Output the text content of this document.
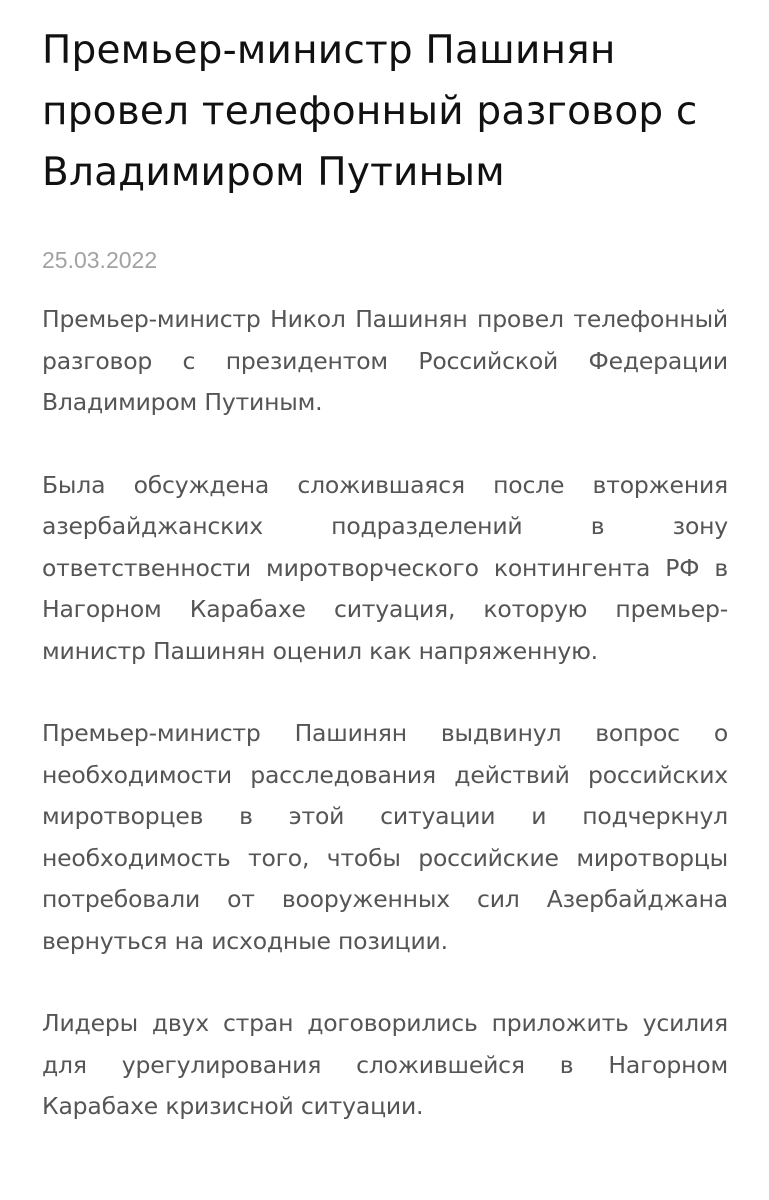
Премьер-министр Пашинян провел телефонный разговор с Владимиром Путиным
25.03.2022

Премьер-министр Никол Пашинян провел телефонный разговор с президентом Российской Федерации Владимиром Путиным.

Была обсуждена сложившаяся после вторжения азербайджанских подразделений в зону ответственности миротворческого контингента РФ в Нагорном Карабахе ситуация, которую премьер-министр Пашинян оценил как напряженную.

Премьер-министр Пашинян выдвинул вопрос о необходимости расследования действий российских миротворцев в этой ситуации и подчеркнул необходимость того, чтобы российские миротворцы потребовали от вооруженных сил Азербайджана вернуться на исходные позиции.

Лидеры двух стран договорились приложить усилия для урегулирования сложившейся в Нагорном Карабахе кризисной ситуации.
